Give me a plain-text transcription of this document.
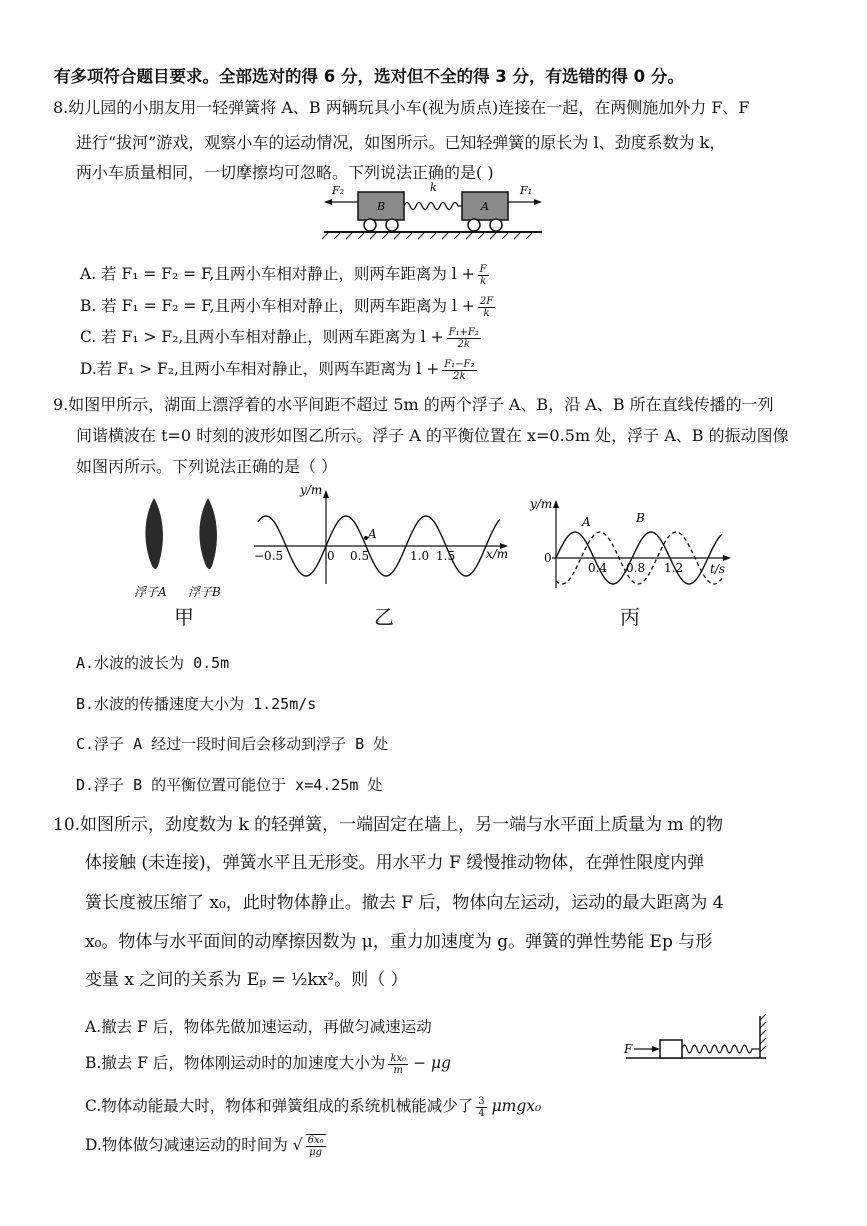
有多项符合题目要求。全部选对的得 6 分，选对但不全的得 3 分，有选错的得 0 分。
8.幼儿园的小朋友用一轻弹簧将 A、B 两辆玩具小车(视为质点)连接在一起，在两侧施加外力 F、F
进行“拔河”游戏，观察小车的运动情况，如图所示。已知轻弹簧的原长为 l、劲度系数为 k，
两小车质量相同，一切摩擦均可忽略。下列说法正确的是( )
F₂	F₁
k
B	A
A. 若 F₁ = F₂ = F,且两小车相对静止，则两车距离为 $l + \frac{F}{k}$
B. 若 F₁ = F₂ = F,且两小车相对静止，则两车距离为 $l + \frac{2F}{k}$
C. 若 F₁ > F₂,且两小车相对静止，则两车距离为 $l + \frac{\text{F₁+F₂}}{2k}$
D.若 F₁ > F₂,且两小车相对静止，则两车距离为 $l + \frac{\text{F₁−F₂}}{2k}$
9.如图甲所示，湖面上漂浮着的水平间距不超过 5m 的两个浮子 A、B，沿 A、B 所在直线传播的一列
间谐横波在 t=0 时刻的波形如图乙所示。浮子 A 的平衡位置在 x=0.5m 处，浮子 A、B 的振动图像
如图丙所示。下列说法正确的是（ ）
浮子A 浮子B
甲
y/m
x/m
A
−0.5	0 0.5	1.0 1.5
乙
y/m
t/s
0
0.4 0.8 1.2
A	B
丙
A.水波的波长为 0.5m
B.水波的传播速度大小为 1.25m/s
C.浮子 A 经过一段时间后会移动到浮子 B 处
D.浮子 B 的平衡位置可能位于 x=4.25m 处
10.如图所示，劲度数为 k 的轻弹簧，一端固定在墙上，另一端与水平面上质量为 m 的物
体接触 (未连接)，弹簧水平且无形变。用水平力 F 缓慢推动物体，在弹性限度内弹
簧长度被压缩了 x₀，此时物体静止。撤去 F 后，物体向左运动，运动的最大距离为 4
x₀。物体与水平面间的动摩擦因数为 μ，重力加速度为 g。弹簧的弹性势能 Ep 与形
变量 x 之间的关系为 Eₚ = ½kx²。则（ ）
F
A.撤去 F 后，物体先做加速运动，再做匀减速运动
B.撤去 F 后，物体刚运动时的加速度大小为 $\frac{\text{kx₀}}{m} - \mu g$
C.物体动能最大时，物体和弹簧组成的系统机械能减少了 $\frac{3}{4} \mu mgx_0$
D.物体做匀减速运动的时间为 √ $\frac{\text{6x₀}}{\mu g}$
